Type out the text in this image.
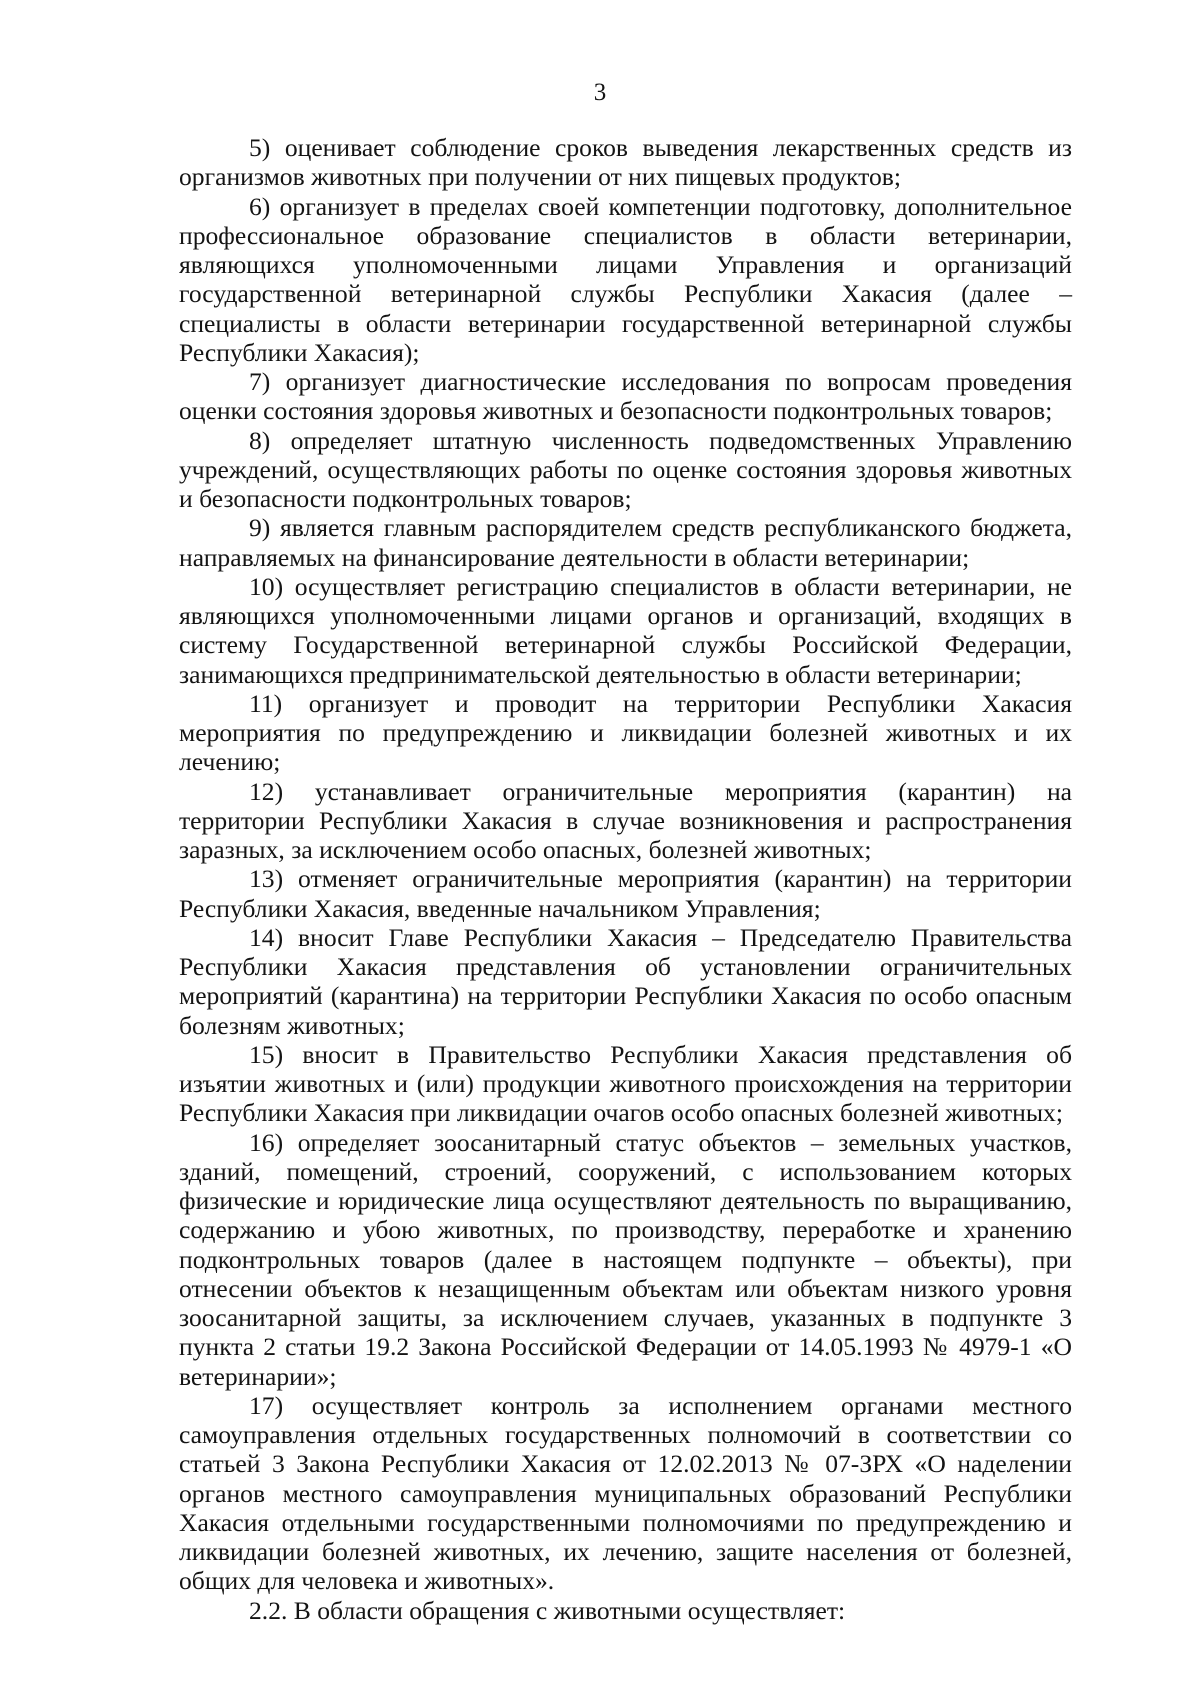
3

5) оценивает соблюдение сроков выведения лекарственных средств из организмов животных при получении от них пищевых продуктов;

6) организует в пределах своей компетенции подготовку, дополнительное профессиональное образование специалистов в области ветеринарии, являющихся уполномоченными лицами Управления и организаций государственной ветеринарной службы Республики Хакасия (далее – специалисты в области ветеринарии государственной ветеринарной службы Республики Хакасия);

7) организует диагностические исследования по вопросам проведения оценки состояния здоровья животных и безопасности подконтрольных товаров;

8) определяет штатную численность подведомственных Управлению учреждений, осуществляющих работы по оценке состояния здоровья животных и безопасности подконтрольных товаров;

9) является главным распорядителем средств республиканского бюджета, направляемых на финансирование деятельности в области ветеринарии;

10) осуществляет регистрацию специалистов в области ветеринарии, не являющихся уполномоченными лицами органов и организаций, входящих в систему Государственной ветеринарной службы Российской Федерации, занимающихся предпринимательской деятельностью в области ветеринарии;

11) организует и проводит на территории Республики Хакасия мероприятия по предупреждению и ликвидации болезней животных и их лечению;

12) устанавливает ограничительные мероприятия (карантин) на территории Республики Хакасия в случае возникновения и распространения заразных, за исключением особо опасных, болезней животных;

13) отменяет ограничительные мероприятия (карантин) на территории Республики Хакасия, введенные начальником Управления;

14) вносит Главе Республики Хакасия – Председателю Правительства Республики Хакасия представления об установлении ограничительных мероприятий (карантина) на территории Республики Хакасия по особо опасным болезням животных;

15) вносит в Правительство Республики Хакасия представления об изъятии животных и (или) продукции животного происхождения на территории Республики Хакасия при ликвидации очагов особо опасных болезней животных;

16) определяет зоосанитарный статус объектов – земельных участков, зданий, помещений, строений, сооружений, с использованием которых физические и юридические лица осуществляют деятельность по выращиванию, содержанию и убою животных, по производству, переработке и хранению подконтрольных товаров (далее в настоящем подпункте – объекты), при отнесении объектов к незащищенным объектам или объектам низкого уровня зоосанитарной защиты, за исключением случаев, указанных в подпункте 3 пункта 2 статьи 19.2 Закона Российской Федерации от 14.05.1993 № 4979-1 «О ветеринарии»;

17) осуществляет контроль за исполнением органами местного самоуправления отдельных государственных полномочий в соответствии со статьей 3 Закона Республики Хакасия от 12.02.2013 № 07-ЗРХ «О наделении органов местного самоуправления муниципальных образований Республики Хакасия отдельными государственными полномочиями по предупреждению и ликвидации болезней животных, их лечению, защите населения от болезней, общих для человека и животных».

2.2. В области обращения с животными осуществляет:
